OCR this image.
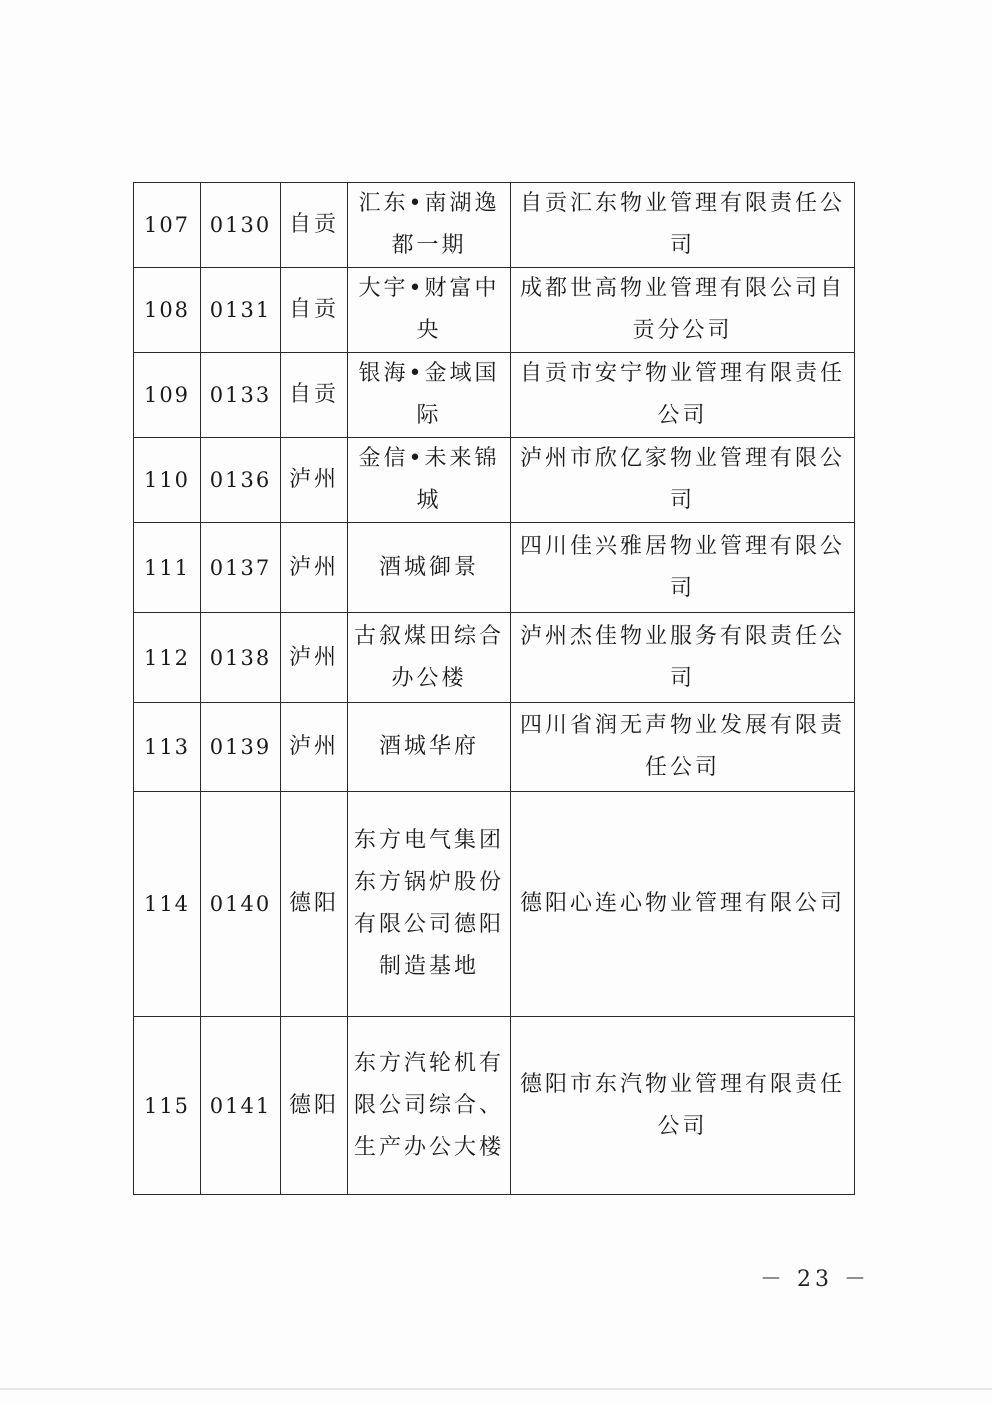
107	0130	自贡	汇东•南湖逸都一期	自贡汇东物业管理有限责任公司
108	0131	自贡	大宇•财富中央	成都世高物业管理有限公司自贡分公司
109	0133	自贡	银海•金域国际	自贡市安宁物业管理有限责任公司
110	0136	泸州	金信•未来锦城	泸州市欣亿家物业管理有限公司
111	0137	泸州	酒城御景	四川佳兴雅居物业管理有限公司
112	0138	泸州	古叙煤田综合办公楼	泸州杰佳物业服务有限责任公司
113	0139	泸州	酒城华府	四川省润无声物业发展有限责任公司
114	0140	德阳	东方电气集团东方锅炉股份有限公司德阳制造基地	德阳心连心物业管理有限公司
115	0141	德阳	东方汽轮机有限公司综合、生产办公大楼	德阳市东汽物业管理有限责任公司
－ 23 －
